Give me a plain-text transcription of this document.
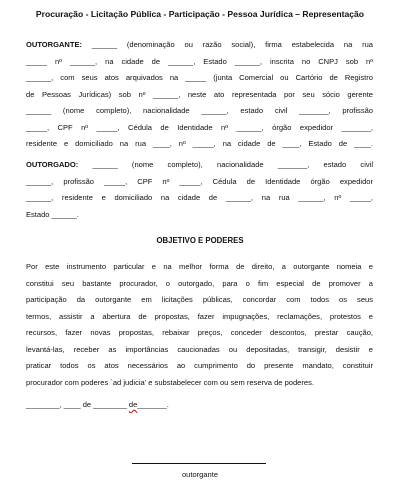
Procuração - Licitação Pública - Participação - Pessoa Jurídica – Representação
OUTORGANTE: ______ (denominação ou razão social), firma estabelecida na rua
_____ nº ______, na cidade de ______, Estado ______, inscrita no CNPJ sob nº
______, com seus atos arquivados na _____ (junta Comercial ou Cartório de Registro
de Pessoas Jurídicas) sob nº ______, neste ato representada por seu sócio gerente
______ (nome completo), nacionalidade ______, estado civil _______, profissão
_____, CPF nº _____, Cédula de Identidade nº ______, órgão expedidor _______,
residente e domiciliado na rua ____, nº _____, na cidade de ____, Estado de ____.
OUTORGADO: ______ (nome completo), nacionalidade _______, estado civil
______, profissão _____, CPF nº _____, Cédula de Identidade órgão expedidor
______, residente e domiciliado na cidade de ______, na rua ______, nº _____,
Estado ______.
OBJETIVO E PODERES
Por este instrumento particular e na melhor forma de direito, a outorgante nomeia e
constitui seu bastante procurador, o outorgado, para o fim especial de promover a
participação da outorgante em licitações públicas, concordar com todos os seus
termos, assistir a abertura de propostas, fazer impugnações, reclamações, protestos e
recursos, fazer novas propostas, rebaixar preços, conceder descontos, prestar caução,
levantá-las, receber as importâncias caucionadas ou depositadas, transigir, desistir e
praticar todos os atos necessários ao cumprimento do presente mandato, constituir
procurador com poderes `ad judicia' e substabelecer com ou sem reserva de poderes.
________, ____ de ________ de_______.
outorgante
